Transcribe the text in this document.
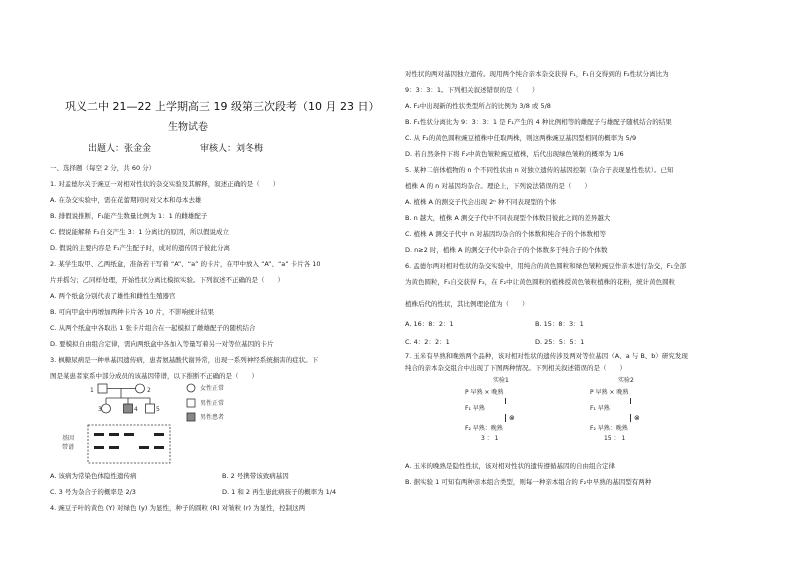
巩义二中 21—22 上学期高三 19 级第三次段考（10 月 23 日）
生物试卷
出题人：张金金	审核人：刘冬梅
一、选择题（每空 2 分，共 60 分）
1. 对孟德尔关于豌豆一对相对性状的杂交实验及其解释，叙述正确的是（　　）
A. 在杂交实验中，需在花蕾期同时对父本和母本去雄
B. 排假说推断，F₁能产生数量比例为 1：1 的雌雄配子
C. 假说能解释 F₂自交产生 3：1 分离比的原因，所以假说成立
D. 假说的主要内容是 F₁产生配子时，成对的遗传因子彼此分离
2. 某学生取甲、乙两纸盒，准备若干写着 “A”、“a” 的卡片，在甲中放入 “A”、“a” 卡片各 10
片并摇匀；乙同样处理，开始性状分离比模拟实验。下列叙述不正确的是（　　）
A. 两个纸盒分别代表了雄性和雌性生殖器官
B. 可向甲盒中再增加两种卡片各 10 片，不影响统计结果
C. 从两个纸盒中各取出 1 张卡片组合在一起模拟了雌雄配子的随机结合
D. 要模拟自由组合定律，需向两纸盒中各加入等量写着另一对等位基因的卡片
3. 枫糖尿病是一种单基因遗传病，患者氨基酸代谢异常，出现一系列神经系统损害的症状。下
图是某患者家系中部分成员的该基因带谱，以下推断不正确的是（　　）
A. 该病为常染色体隐性遗传病	B. 2 号携带该致病基因
C. 3 号为杂合子的概率是 2/3	D. 1 和 2 再生患此病孩子的概率为 1/4
4. 豌豆子叶的黄色 (Y) 对绿色 (y) 为显性，种子的圆粒 (R) 对皱粒 (r) 为显性，控制这两
1	2
3	4	5
基因
带谱
女性正常
男性正常
男性患者
对性状的两对基因独立遗传。现用两个纯合亲本杂交获得 F₁，F₁自交得到的 F₂性状分离比为
9：3：3：1。下列相关叙述错误的是（　　）
A. F₂中出现新的性状类型所占的比例为 3/8 或 5/8
B. F₁性状分离比为 9：3：3：1 是 F₁产生的 4 种比例相等的雌配子与雄配子随机结合的结果
C. 从 F₂的黄色圆粒豌豆植株中任取两株，则这两株豌豆基因型相同的概率为 5/9
D. 若自然条件下将 F₂中黄色皱粒豌豆植株，后代出现绿色皱粒的概率为 1/6
5. 某种二倍体植物的 n 个不同性状由 n 对独立遗传的基因控制（杂合子表现显性性状）。已知
植株 A 的 n 对基因均杂合。理论上，下列说法错误的是（　　）
A. 植株 A 的测交子代会出现 2ⁿ 种不同表现型的个体
B. n 越大，植株 A 测交子代中不同表现型个体数目彼此之间的差异越大
C. 植株 A 测交子代中 n 对基因均杂合的个体数和纯合子的个体数相等
D. n≥2 时，植株 A 的测交子代中杂合子的个体数多于纯合子的个体数
6. 孟德尔两对相对性状的杂交实验中，用纯合的黄色圆粒和绿色皱粒豌豆作亲本进行杂交，F₁全部
为黄色圆粒，F₁自交获得 F₂，在 F₂中让黄色圆粒的植株授黄色皱粒植株的花粉，统计黄色圆粒
植株后代的性状，其比例理论值为（　　）
A. 16：8：2：1	B. 15：8：3：1
C. 4：2：2：1	D. 25：5：5：1
7. 玉米有早熟和晚熟两个品种，该对相对性状的遗传涉及两对等位基因（A、a 与 B、b）研究发现
纯合的亲本杂交组合中出现了下图两种情况。下列相关叙述错误的是（　　）
A. 玉米的晚熟是隐性性状，该对相对性状的遗传遵循基因的自由组合定律
B. 据实验 1 可知有两种亲本组合类型，则每一种亲本组合的 F₂中早熟的基因型有两种
实验1
P 早熟 × 晚熟
F₁ 早熟
⊗
F₂ 早熟：晚熟
3 ： 1
实验2
P 早熟 × 晚熟
F₁ 早熟
⊗
F₂ 早熟：晚熟
15 ： 1
